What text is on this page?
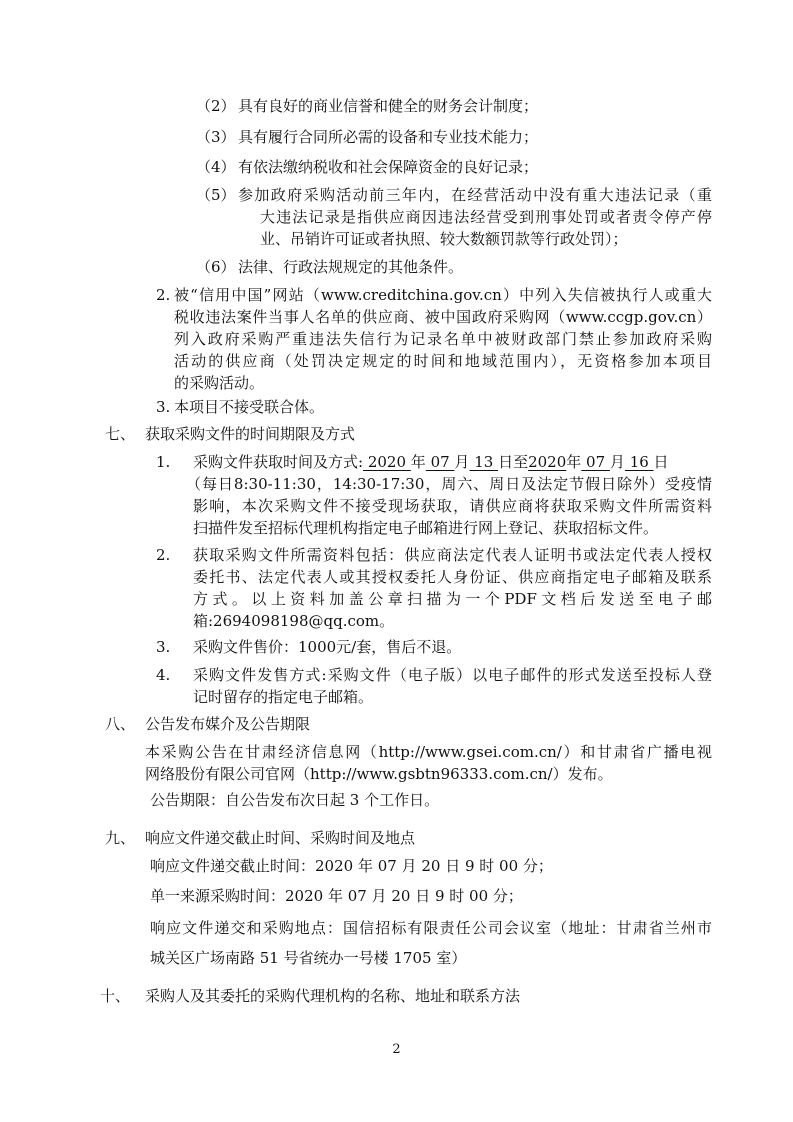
（2） 具有良好的商业信誉和健全的财务会计制度；
（3） 具有履行合同所必需的设备和专业技术能力；
（4） 有依法缴纳税收和社会保障资金的良好记录；
（5） 参加政府采购活动前三年内，在经营活动中没有重大违法记录（重
大违法记录是指供应商因违法经营受到刑事处罚或者责令停产停
业、吊销许可证或者执照、较大数额罚款等行政处罚）；
（6） 法律、行政法规规定的其他条件。
2. 被“信用中国”网站（www.creditchina.gov.cn）中列入失信被执行人或重大
税收违法案件当事人名单的供应商、被中国政府采购网（www.ccgp.gov.cn）
列入政府采购严重违法失信行为记录名单中被财政部门禁止参加政府采购
活动的供应商（处罚决定规定的时间和地域范围内），无资格参加本项目
的采购活动。
3. 本项目不接受联合体。
七、 获取采购文件的时间期限及方式
1. 采购文件获取时间及方式: 2020 年 07 月 13 日至2020年 07 月 16 日
（每日8:30-11:30，14:30-17:30，周六、周日及法定节假日除外）受疫情
影响，本次采购文件不接受现场获取，请供应商将获取采购文件所需资料
扫描件发至招标代理机构指定电子邮箱进行网上登记、获取招标文件。
2. 获取采购文件所需资料包括：供应商法定代表人证明书或法定代表人授权
委托书、法定代表人或其授权委托人身份证、供应商指定电子邮箱及联系
方式。以上资料加盖公章扫描为一个PDF文档后发送至电子邮
箱:2694098198@qq.com。
3. 采购文件售价：1000元/套，售后不退。
4. 采购文件发售方式:采购文件（电子版）以电子邮件的形式发送至投标人登
记时留存的指定电子邮箱。
八、 公告发布媒介及公告期限
本采购公告在甘肃经济信息网（http://www.gsei.com.cn/）和甘肃省广播电视
网络股份有限公司官网（http://www.gsbtn96333.com.cn/）发布。
公告期限：自公告发布次日起 3 个工作日。
九、 响应文件递交截止时间、采购时间及地点
响应文件递交截止时间：2020 年 07 月 20 日 9 时 00 分；
单一来源采购时间：2020 年 07 月 20 日 9 时 00 分；
响应文件递交和采购地点：国信招标有限责任公司会议室（地址：甘肃省兰州市
城关区广场南路 51 号省统办一号楼 1705 室）
十、 采购人及其委托的采购代理机构的名称、地址和联系方法
2
